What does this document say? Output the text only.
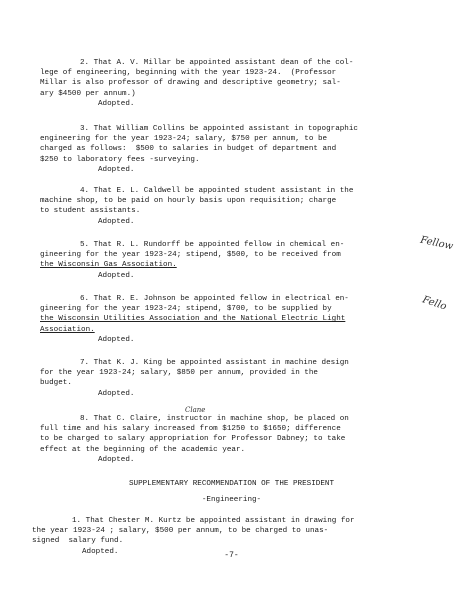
2. That A. V. Millar be appointed assistant dean of the col-
lege of engineering, beginning with the year 1923-24.  (Professor
Millar is also professor of drawing and descriptive geometry; sal-
ary $4500 per annum.)
Adopted.
3. That William Collins be appointed assistant in topographic
engineering for the year 1923-24; salary, $750 per annum, to be
charged as follows:  $500 to salaries in budget of department and
$250 to laboratory fees -surveying.
Adopted.
4. That E. L. Caldwell be appointed student assistant in the
machine shop, to be paid on hourly basis upon requisition; charge
to student assistants.
Adopted.
5. That R. L. Rundorff be appointed fellow in chemical en-
gineering for the year 1923-24; stipend, $500, to be received from
the Wisconsin Gas Association.
Adopted.
Fellow
6. That R. E. Johnson be appointed fellow in electrical en-
gineering for the year 1923-24; stipend, $700, to be supplied by
the Wisconsin Utilities Association and the National Electric Light
Association.
Adopted.
Fello
7. That K. J. King be appointed assistant in machine design
for the year 1923-24; salary, $850 per annum, provided in the
budget.
Adopted.
Clane
8. That C. Claire, instructor in machine shop, be placed on
full time and his salary increased from $1250 to $1650; difference
to be charged to salary appropriation for Professor Dabney; to take
effect at the beginning of the academic year.
Adopted.
SUPPLEMENTARY RECOMMENDATION OF THE PRESIDENT
-Engineering-
1. That Chester M. Kurtz be appointed assistant in drawing for
the year 1923-24 ; salary, $500 per annum, to be charged to unas-
signed  salary fund.
Adopted.	-7-
